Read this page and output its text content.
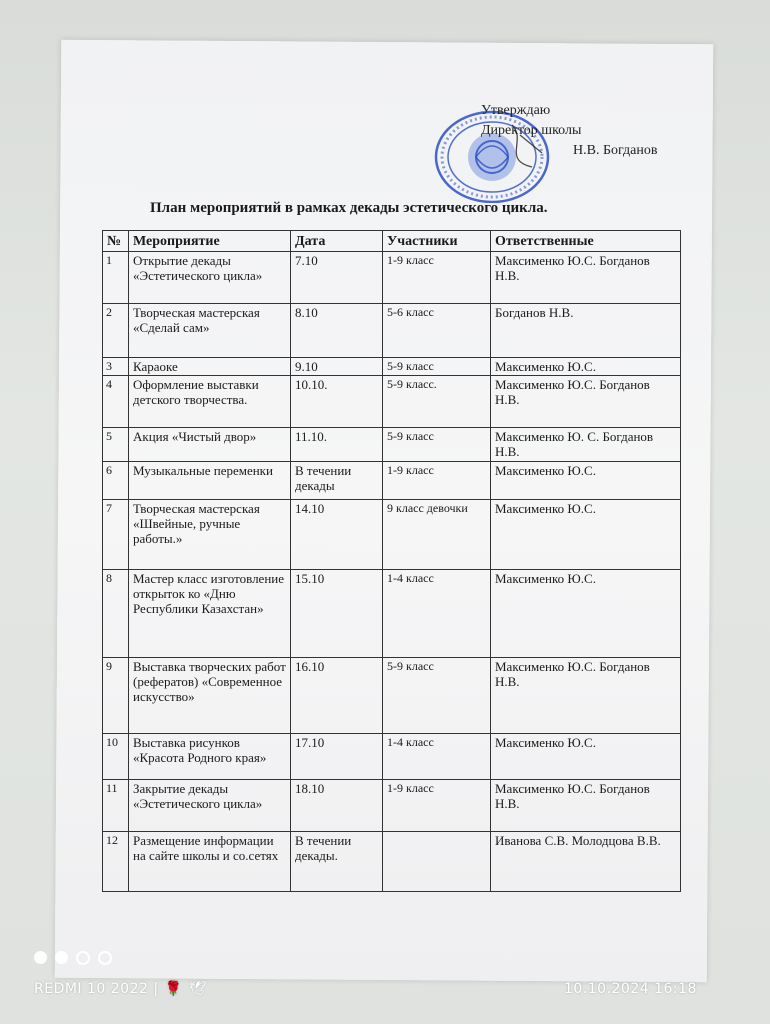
Утверждаю
Директор школы
Н.В. Богданов
План мероприятий в рамках декады эстетического цикла.
№	Мероприятие	Дата	Участники	Ответственные
1	Открытие декады «Эстетического цикла»	7.10	1-9 класс	Максименко Ю.С. Богданов Н.В.
2	Творческая мастерская «Сделай сам»	8.10	5-6 класс	Богданов Н.В.
3	Караоке	9.10	5-9 класс	Максименко Ю.С.
4	Оформление выставки детского творчества.	10.10.	5-9 класс.	Максименко Ю.С. Богданов Н.В.
5	Акция «Чистый двор»	11.10.	5-9 класс	Максименко Ю. С. Богданов Н.В.
6	Музыкальные переменки	В течении декады	1-9 класс	Максименко Ю.С.
7	Творческая мастерская «Швейные, ручные работы.»	14.10	9 класс девочки	Максименко Ю.С.
8	Мастер класс изготовление открыток ко «Дню Республики Казахстан»	15.10	1-4 класс	Максименко Ю.С.
9	Выставка творческих работ (рефератов) «Современное искусство»	16.10	5-9 класс	Максименко Ю.С. Богданов Н.В.
10	Выставка рисунков «Красота Родного края»	17.10	1-4 класс	Максименко Ю.С.
11	Закрытие декады «Эстетического цикла»	18.10	1-9 класс	Максименко Ю.С. Богданов Н.В.
12	Размещение информации на сайте школы и со.сетях	В течении декады.		Иванова С.В. Молодцова В.В.
REDMI 10 2022 | 🌹 🕊	10.10.2024 16:18
